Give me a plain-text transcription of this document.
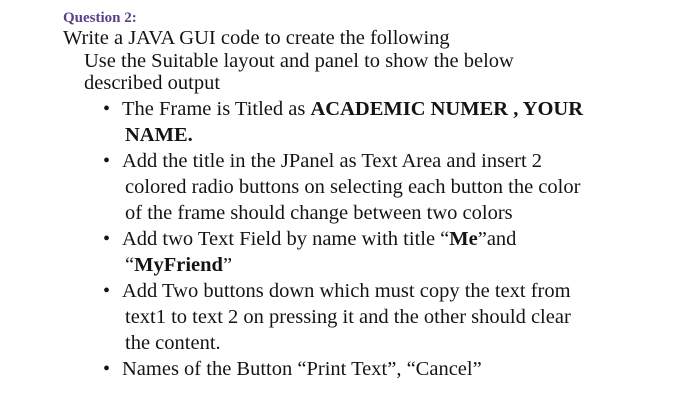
Question 2:
Write a JAVA GUI code to create the following
Use the Suitable layout and panel to show the below
described output
• The Frame is Titled as ACADEMIC NUMER , YOUR
NAME.
• Add the title in the JPanel as Text Area and insert 2
colored radio buttons on selecting each button the color
of the frame should change between two colors
• Add two Text Field by name with title “Me”and
“MyFriend”
• Add Two buttons down which must copy the text from
text1 to text 2 on pressing it and the other should clear
the content.
• Names of the Button “Print Text”, “Cancel”
